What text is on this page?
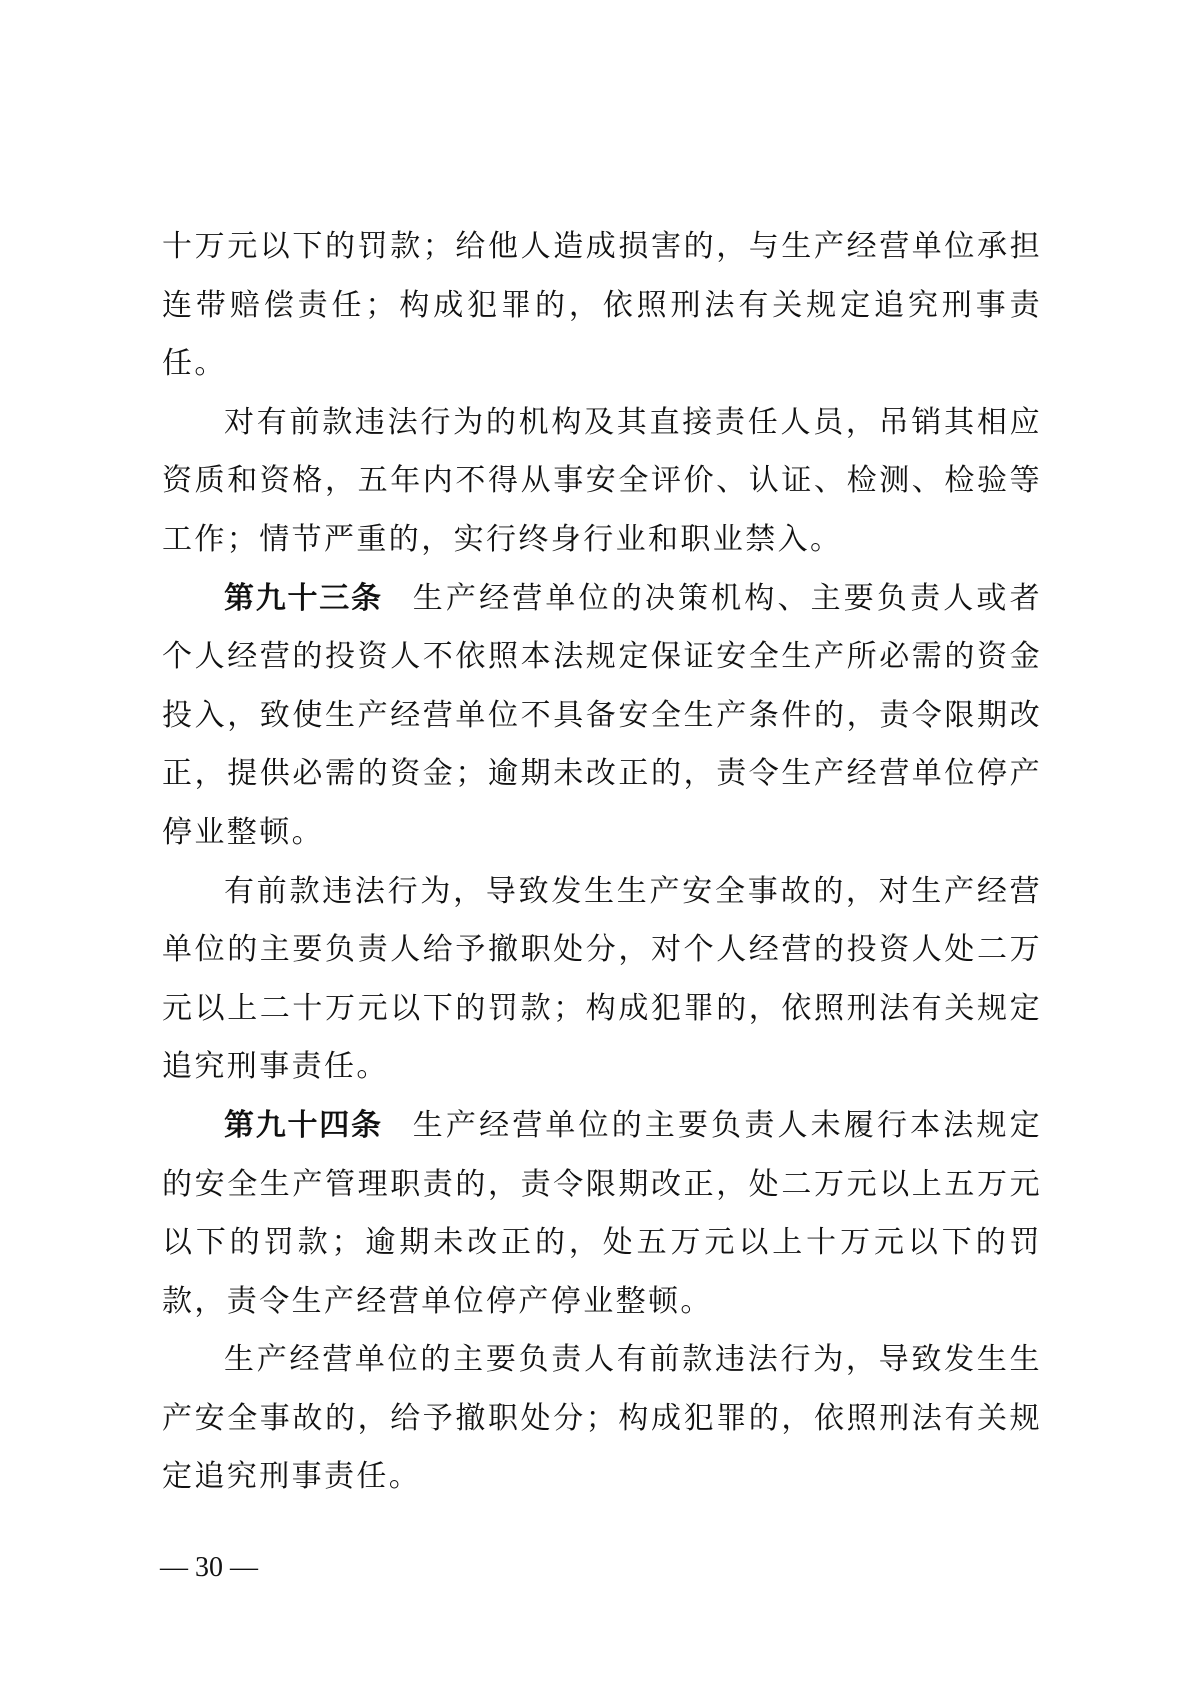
十万元以下的罚款；给他人造成损害的，与生产经营单位承担连带赔偿责任；构成犯罪的，依照刑法有关规定追究刑事责任。

对有前款违法行为的机构及其直接责任人员，吊销其相应资质和资格，五年内不得从事安全评价、认证、检测、检验等工作；情节严重的，实行终身行业和职业禁入。

第九十三条 生产经营单位的决策机构、主要负责人或者个人经营的投资人不依照本法规定保证安全生产所必需的资金投入，致使生产经营单位不具备安全生产条件的，责令限期改正，提供必需的资金；逾期未改正的，责令生产经营单位停产停业整顿。

有前款违法行为，导致发生生产安全事故的，对生产经营单位的主要负责人给予撤职处分，对个人经营的投资人处二万元以上二十万元以下的罚款；构成犯罪的，依照刑法有关规定追究刑事责任。

第九十四条 生产经营单位的主要负责人未履行本法规定的安全生产管理职责的，责令限期改正，处二万元以上五万元以下的罚款；逾期未改正的，处五万元以上十万元以下的罚款，责令生产经营单位停产停业整顿。

生产经营单位的主要负责人有前款违法行为，导致发生生产安全事故的，给予撤职处分；构成犯罪的，依照刑法有关规定追究刑事责任。

— 30 —
